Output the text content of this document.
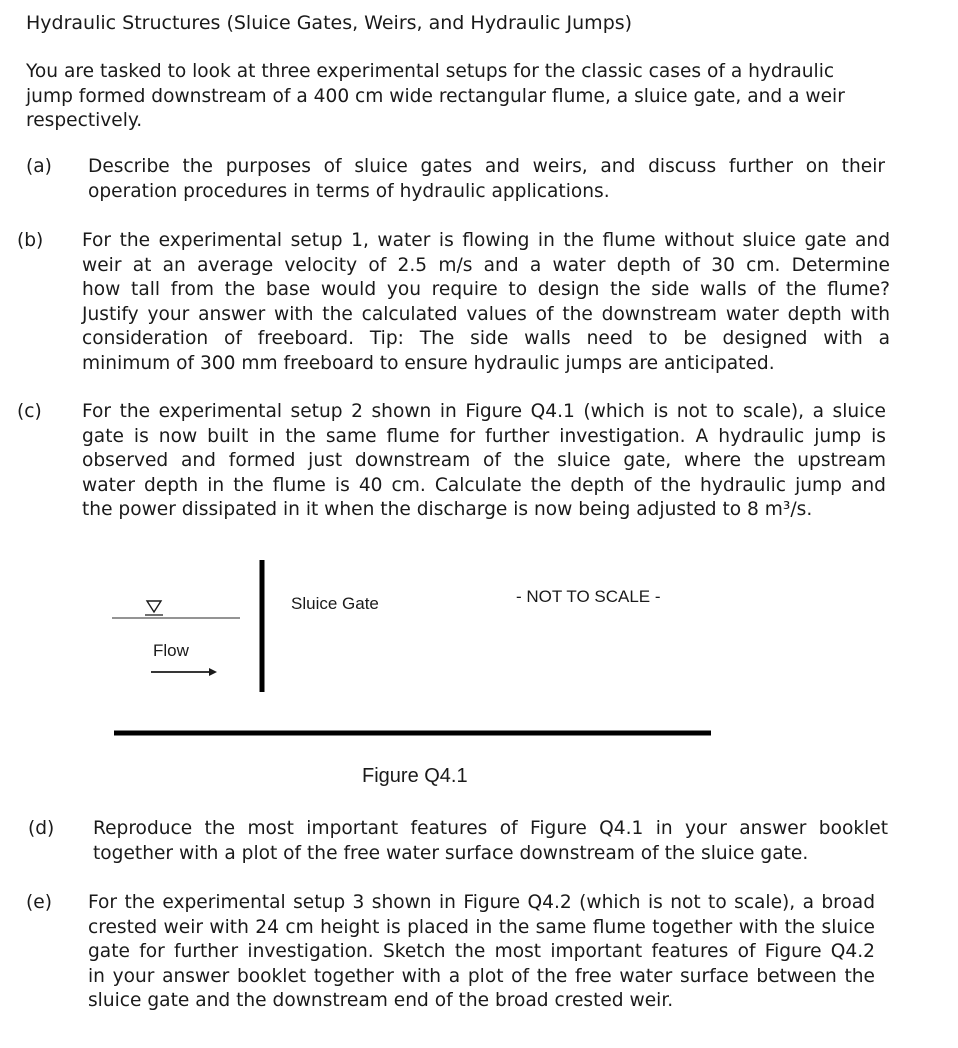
Hydraulic Structures (Sluice Gates, Weirs, and Hydraulic Jumps)
You are tasked to look at three experimental setups for the classic cases of a hydraulic
jump formed downstream of a 400 cm wide rectangular flume, a sluice gate, and a weir
respectively.
(a) Describe the purposes of sluice gates and weirs, and discuss further on their
operation procedures in terms of hydraulic applications.
(b) For the experimental setup 1, water is flowing in the flume without sluice gate and
weir at an average velocity of 2.5 m/s and a water depth of 30 cm. Determine
how tall from the base would you require to design the side walls of the flume?
Justify your answer with the calculated values of the downstream water depth with
consideration of freeboard. Tip: The side walls need to be designed with a
minimum of 300 mm freeboard to ensure hydraulic jumps are anticipated.
(c) For the experimental setup 2 shown in Figure Q4.1 (which is not to scale), a sluice
gate is now built in the same flume for further investigation. A hydraulic jump is
observed and formed just downstream of the sluice gate, where the upstream
water depth in the flume is 40 cm. Calculate the depth of the hydraulic jump and
the power dissipated in it when the discharge is now being adjusted to 8 m³/s.
Sluice Gate	- NOT TO SCALE -
Flow
Figure Q4.1
(d) Reproduce the most important features of Figure Q4.1 in your answer booklet
together with a plot of the free water surface downstream of the sluice gate.
(e) For the experimental setup 3 shown in Figure Q4.2 (which is not to scale), a broad
crested weir with 24 cm height is placed in the same flume together with the sluice
gate for further investigation. Sketch the most important features of Figure Q4.2
in your answer booklet together with a plot of the free water surface between the
sluice gate and the downstream end of the broad crested weir.
